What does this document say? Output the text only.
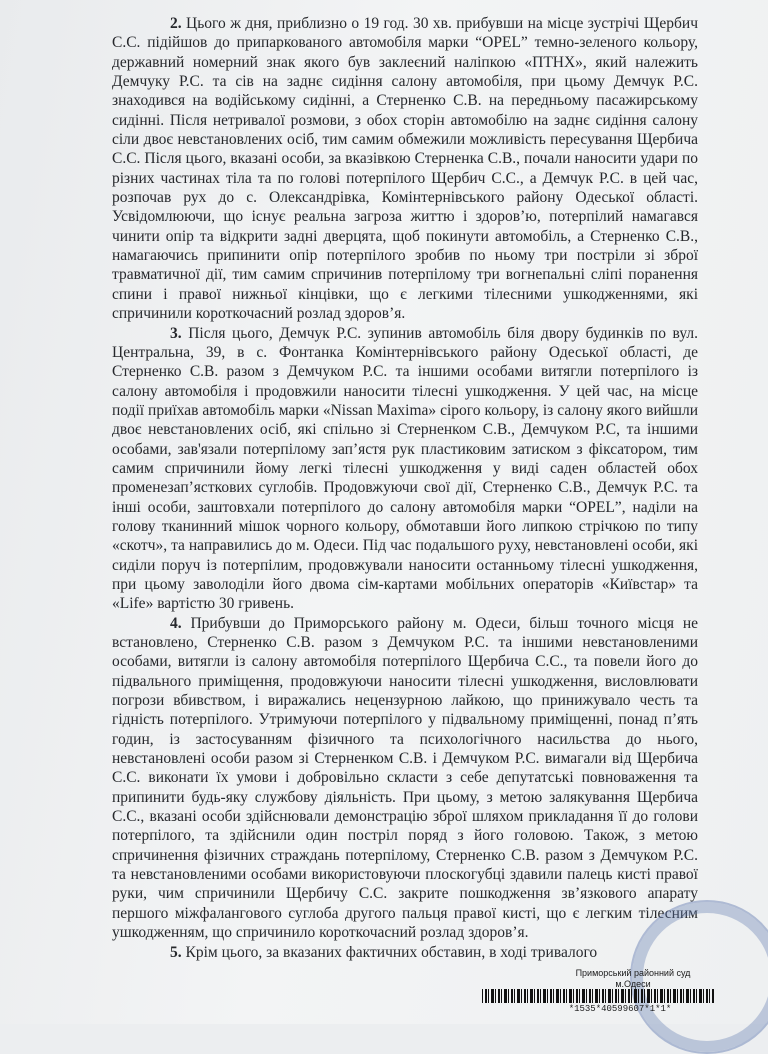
2. Цього ж дня, приблизно о 19 год. 30 хв. прибувши на місце зустрічі Щербич С.С. підійшов до припаркованого автомобіля марки “OPEL” темно-зеленого кольору, державний номерний знак якого був заклеєний наліпкою «ПТНХ», який належить Демчуку Р.С. та сів на заднє сидіння салону автомобіля, при цьому Демчук Р.С. знаходився на водійському сидінні, а Стерненко С.В. на передньому пасажирському сидінні. Після нетривалої розмови, з обох сторін автомобілю на заднє сидіння салону сіли двоє невстановлених осіб, тим самим обмежили можливість пересування Щербича С.С. Після цього, вказані особи, за вказівкою Стерненка С.В., почали наносити удари по різних частинах тіла та по голові потерпілого Щербич С.С., а Демчук Р.С. в цей час, розпочав рух до с. Олександрівка, Комінтернівського району Одеської області. Усвідомлюючи, що існує реальна загроза життю і здоров’ю, потерпілий намагався чинити опір та відкрити задні дверцята, щоб покинути автомобіль, а Стерненко С.В., намагаючись припинити опір потерпілого зробив по ньому три постріли зі зброї травматичної дії, тим самим спричинив потерпілому три вогнепальні сліпі поранення спини і правої нижньої кінцівки, що є легкими тілесними ушкодженнями, які спричинили короткочасний розлад здоров’я.

3. Після цього, Демчук Р.С. зупинив автомобіль біля двору будинків по вул. Центральна, 39, в с. Фонтанка Комінтернівського району Одеської області, де Стерненко С.В. разом з Демчуком Р.С. та іншими особами витягли потерпілого із салону автомобіля і продовжили наносити тілесні ушкодження. У цей час, на місце події приїхав автомобіль марки «Nissan Maxima» сірого кольору, із салону якого вийшли двоє невстановлених осіб, які спільно зі Стерненком С.В., Демчуком Р.С, та іншими особами, зав'язали потерпілому зап’ястя рук пластиковим затиском з фіксатором, тим самим спричинили йому легкі тілесні ушкодження у виді саден областей обох променезап’ясткових суглобів. Продовжуючи свої дії, Стерненко С.В., Демчук Р.С. та інші особи, заштовхали потерпілого до салону автомобіля марки “OPEL”, наділи на голову тканинний мішок чорного кольору, обмотавши його липкою стрічкою по типу «скотч», та направились до м. Одеси. Під час подальшого руху, невстановлені особи, які сиділи поруч із потерпілим, продовжували наносити останньому тілесні ушкодження, при цьому заволоділи його двома сім-картами мобільних операторів «Київстар» та «Life» вартістю 30 гривень.

4. Прибувши до Приморського району м. Одеси, більш точного місця не встановлено, Стерненко С.В. разом з Демчуком Р.С. та іншими невстановленими особами, витягли із салону автомобіля потерпілого Щербича С.С., та повели його до підвального приміщення, продовжуючи наносити тілесні ушкодження, висловлювати погрози вбивством, і виражались нецензурною лайкою, що принижувало честь та гідність потерпілого. Утримуючи потерпілого у підвальному приміщенні, понад п’ять годин, із застосуванням фізичного та психологічного насильства до нього, невстановлені особи разом зі Стерненком С.В. і Демчуком Р.С. вимагали від Щербича С.С. виконати їх умови і добровільно скласти з себе депутатські повноваження та припинити будь-яку службову діяльність. При цьому, з метою залякування Щербича С.С., вказані особи здійснювали демонстрацію зброї шляхом прикладання її до голови потерпілого, та здійснили один постріл поряд з його головою. Також, з метою спричинення фізичних страждань потерпілому, Стерненко С.В. разом з Демчуком Р.С. та невстановленими особами використовуючи плоскогубці здавили палець кисті правої руки, чим спричинили Щербичу С.С. закрите пошкодження зв’язкового апарату першого міжфалангового суглоба другого пальця правої кисті, що є легким тілесним ушкодженням, що спричинило короткочасний розлад здоров’я.

5. Крім цього, за вказаних фактичних обставин, в ході тривалого

Приморський районний суд
м.Одеси
*1535*40599607*1*1*
